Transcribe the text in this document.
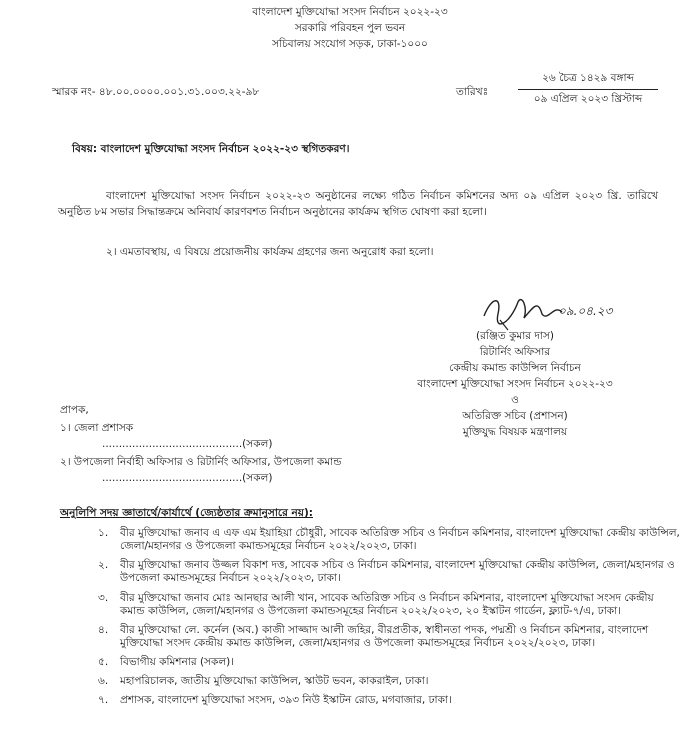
বাংলাদেশ মুক্তিযোদ্ধা সংসদ নির্বাচন ২০২২-২৩
সরকারি পরিবহন পুল ভবন
সচিবালয় সংযোগ সড়ক, ঢাকা-১০০০
স্মারক নং- ৪৮.০০.০০০০.০০১.৩১.০০৩.২২-৯৮	তারিখঃ
২৬ চৈত্র ১৪২৯ বঙ্গাব্দ
০৯ এপ্রিল ২০২৩ খ্রিস্টাব্দ
বিষয়: বাংলাদেশ মুক্তিযোদ্ধা সংসদ নির্বাচন ২০২২-২৩ স্থগিতকরণ।
বাংলাদেশ মুক্তিযোদ্ধা সংসদ নির্বাচন ২০২২-২৩ অনুষ্ঠানের লক্ষ্যে গঠিত নির্বাচন কমিশনের অদ্য ০৯ এপ্রিল ২০২৩ খ্রি. তারিখে অনুষ্ঠিত ৮ম সভার সিদ্ধান্তক্রমে অনিবার্য কারণবশত নির্বাচন অনুষ্ঠানের কার্যক্রম স্থগিত ঘোষণা করা হলো।
২। এমতাবস্থায়, এ বিষয়ে প্রয়োজনীয় কার্যক্রম গ্রহণের জন্য অনুরোধ করা হলো।
০৯.০৪.২৩
(রঞ্জিত কুমার দাস)
রিটার্নিং অফিসার
কেন্দ্রীয় কমান্ড কাউন্সিল নির্বাচন
বাংলাদেশ মুক্তিযোদ্ধা সংসদ নির্বাচন ২০২২-২৩
ও
অতিরিক্ত সচিব (প্রশাসন)
মুক্তিযুদ্ধ বিষয়ক মন্ত্রণালয়
প্রাপক,
১। জেলা প্রশাসক
..........................................(সকল)
২। উপজেলা নির্বাহী অফিসার ও রিটার্নিং অফিসার, উপজেলা কমান্ড
..........................................(সকল)
অনুলিপি সদয় জ্ঞাতার্থে/কার্যার্থে (জ্যেষ্ঠতার ক্রমানুসারে নয়):
১. বীর মুক্তিযোদ্ধা জনাব এ এফ এম ইয়াহিয়া চৌধুরী, সাবেক অতিরিক্ত সচিব ও নির্বাচন কমিশনার, বাংলাদেশ মুক্তিযোদ্ধা কেন্দ্রীয় কাউন্সিল, জেলা/মহানগর ও উপজেলা কমান্ডসমূহের নির্বাচন ২০২২/২০২৩, ঢাকা।
২. বীর মুক্তিযোদ্ধা জনাব উজ্জল বিকাশ দত্ত, সাবেক সচিব ও নির্বাচন কমিশনার, বাংলাদেশ মুক্তিযোদ্ধা কেন্দ্রীয় কাউন্সিল, জেলা/মহানগর ও উপজেলা কমান্ডসমূহের নির্বাচন ২০২২/২০২৩, ঢাকা।
৩. বীর মুক্তিযোদ্ধা জনাব মোঃ আনছার আলী খান, সাবেক অতিরিক্ত সচিব ও নির্বাচন কমিশনার, বাংলাদেশ মুক্তিযোদ্ধা সংসদ কেন্দ্রীয় কমান্ড কাউন্সিল, জেলা/মহানগর ও উপজেলা কমান্ডসমূহের নির্বাচন ২০২২/২০২৩, ২০ ইস্কাটন গার্ডেন, ফ্ল্যাট-৭/এ, ঢাকা।
৪. বীর মুক্তিযোদ্ধা লে. কর্নেল (অব.) কাজী সাজ্জাদ আলী জহির, বীরপ্রতীক, স্বাধীনতা পদক, পদ্মশ্রী ও নির্বাচন কমিশনার, বাংলাদেশ মুক্তিযোদ্ধা সংসদ কেন্দ্রীয় কমান্ড কাউন্সিল, জেলা/মহানগর ও উপজেলা কমান্ডসমূহের নির্বাচন ২০২২/২০২৩, ঢাকা।
৫. বিভাগীয় কমিশনার (সকল)।
৬. মহাপরিচালক, জাতীয় মুক্তিযোদ্ধা কাউন্সিল, স্কাউট ভবন, কাকরাইল, ঢাকা।
৭. প্রশাসক, বাংলাদেশ মুক্তিযোদ্ধা সংসদ, ৩৯৩ নিউ ইস্কাটন রোড, মগবাজার, ঢাকা।
